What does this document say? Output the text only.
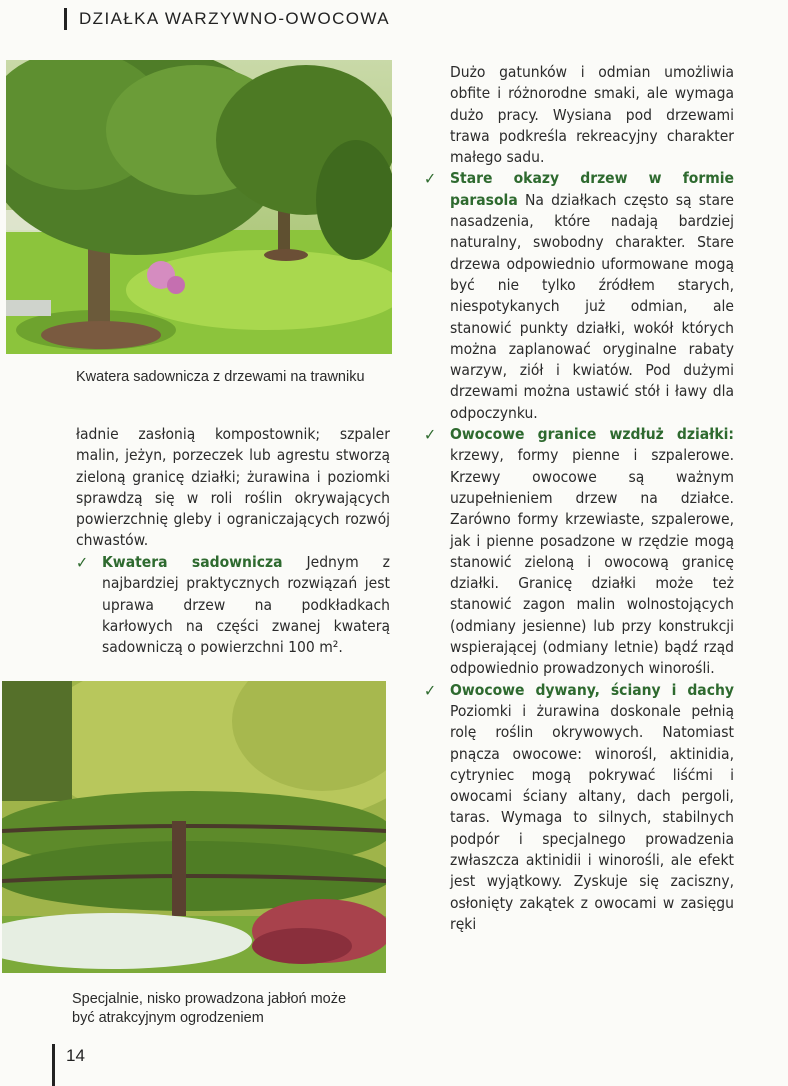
DZIAŁKA WARZYWNO-OWOCOWA
Kwatera sadownicza z drzewami na trawniku

ładnie zasłonią kompostownik; szpaler malin, jeżyn, porzeczek lub agrestu stworzą zieloną granicę działki; żurawina i poziomki sprawdzą się w roli roślin okrywających powierzchnię gleby i ograniczających rozwój chwastów.

✓ Kwatera sadownicza Jednym z najbardziej praktycznych rozwiązań jest uprawa drzew na podkładkach karłowych na części zwanej kwaterą sadowniczą o powierzchni 100 m².
Specjalnie, nisko prowadzona jabłoń może być atrakcyjnym ogrodzeniem

Dużo gatunków i odmian umożliwia obfite i różnorodne smaki, ale wymaga dużo pracy. Wysiana pod drzewami trawa podkreśla rekreacyjny charakter małego sadu.

✓ Stare okazy drzew w formie parasola Na działkach często są stare nasadzenia, które nadają bardziej naturalny, swobodny charakter. Stare drzewa odpowiednio uformowane mogą być nie tylko źródłem starych, niespotykanych już odmian, ale stanowić punkty działki, wokół których można zaplanować oryginalne rabaty warzyw, ziół i kwiatów. Pod dużymi drzewami można ustawić stół i ławy dla odpoczynku.
✓ Owocowe granice wzdłuż działki: krzewy, formy pienne i szpalerowe. Krzewy owocowe są ważnym uzupełnieniem drzew na działce. Zarówno formy krzewiaste, szpalerowe, jak i pienne posadzone w rzędzie mogą stanowić zieloną i owocową granicę działki. Granicę działki może też stanowić zagon malin wolnostojących (odmiany jesienne) lub przy konstrukcji wspierającej (odmiany letnie) bądź rząd odpowiednio prowadzonych winorośli.
✓ Owocowe dywany, ściany i dachy Poziomki i żurawina doskonale pełnią rolę roślin okrywowych. Natomiast pnącza owocowe: winorośl, aktinidia, cytryniec mogą pokrywać liśćmi i owocami ściany altany, dach pergoli, taras. Wymaga to silnych, stabilnych podpór i specjalnego prowadzenia zwłaszcza aktinidii i winorośli, ale efekt jest wyjątkowy. Zyskuje się zaciszny, osłonięty zakątek z owocami w zasięgu ręki
14
